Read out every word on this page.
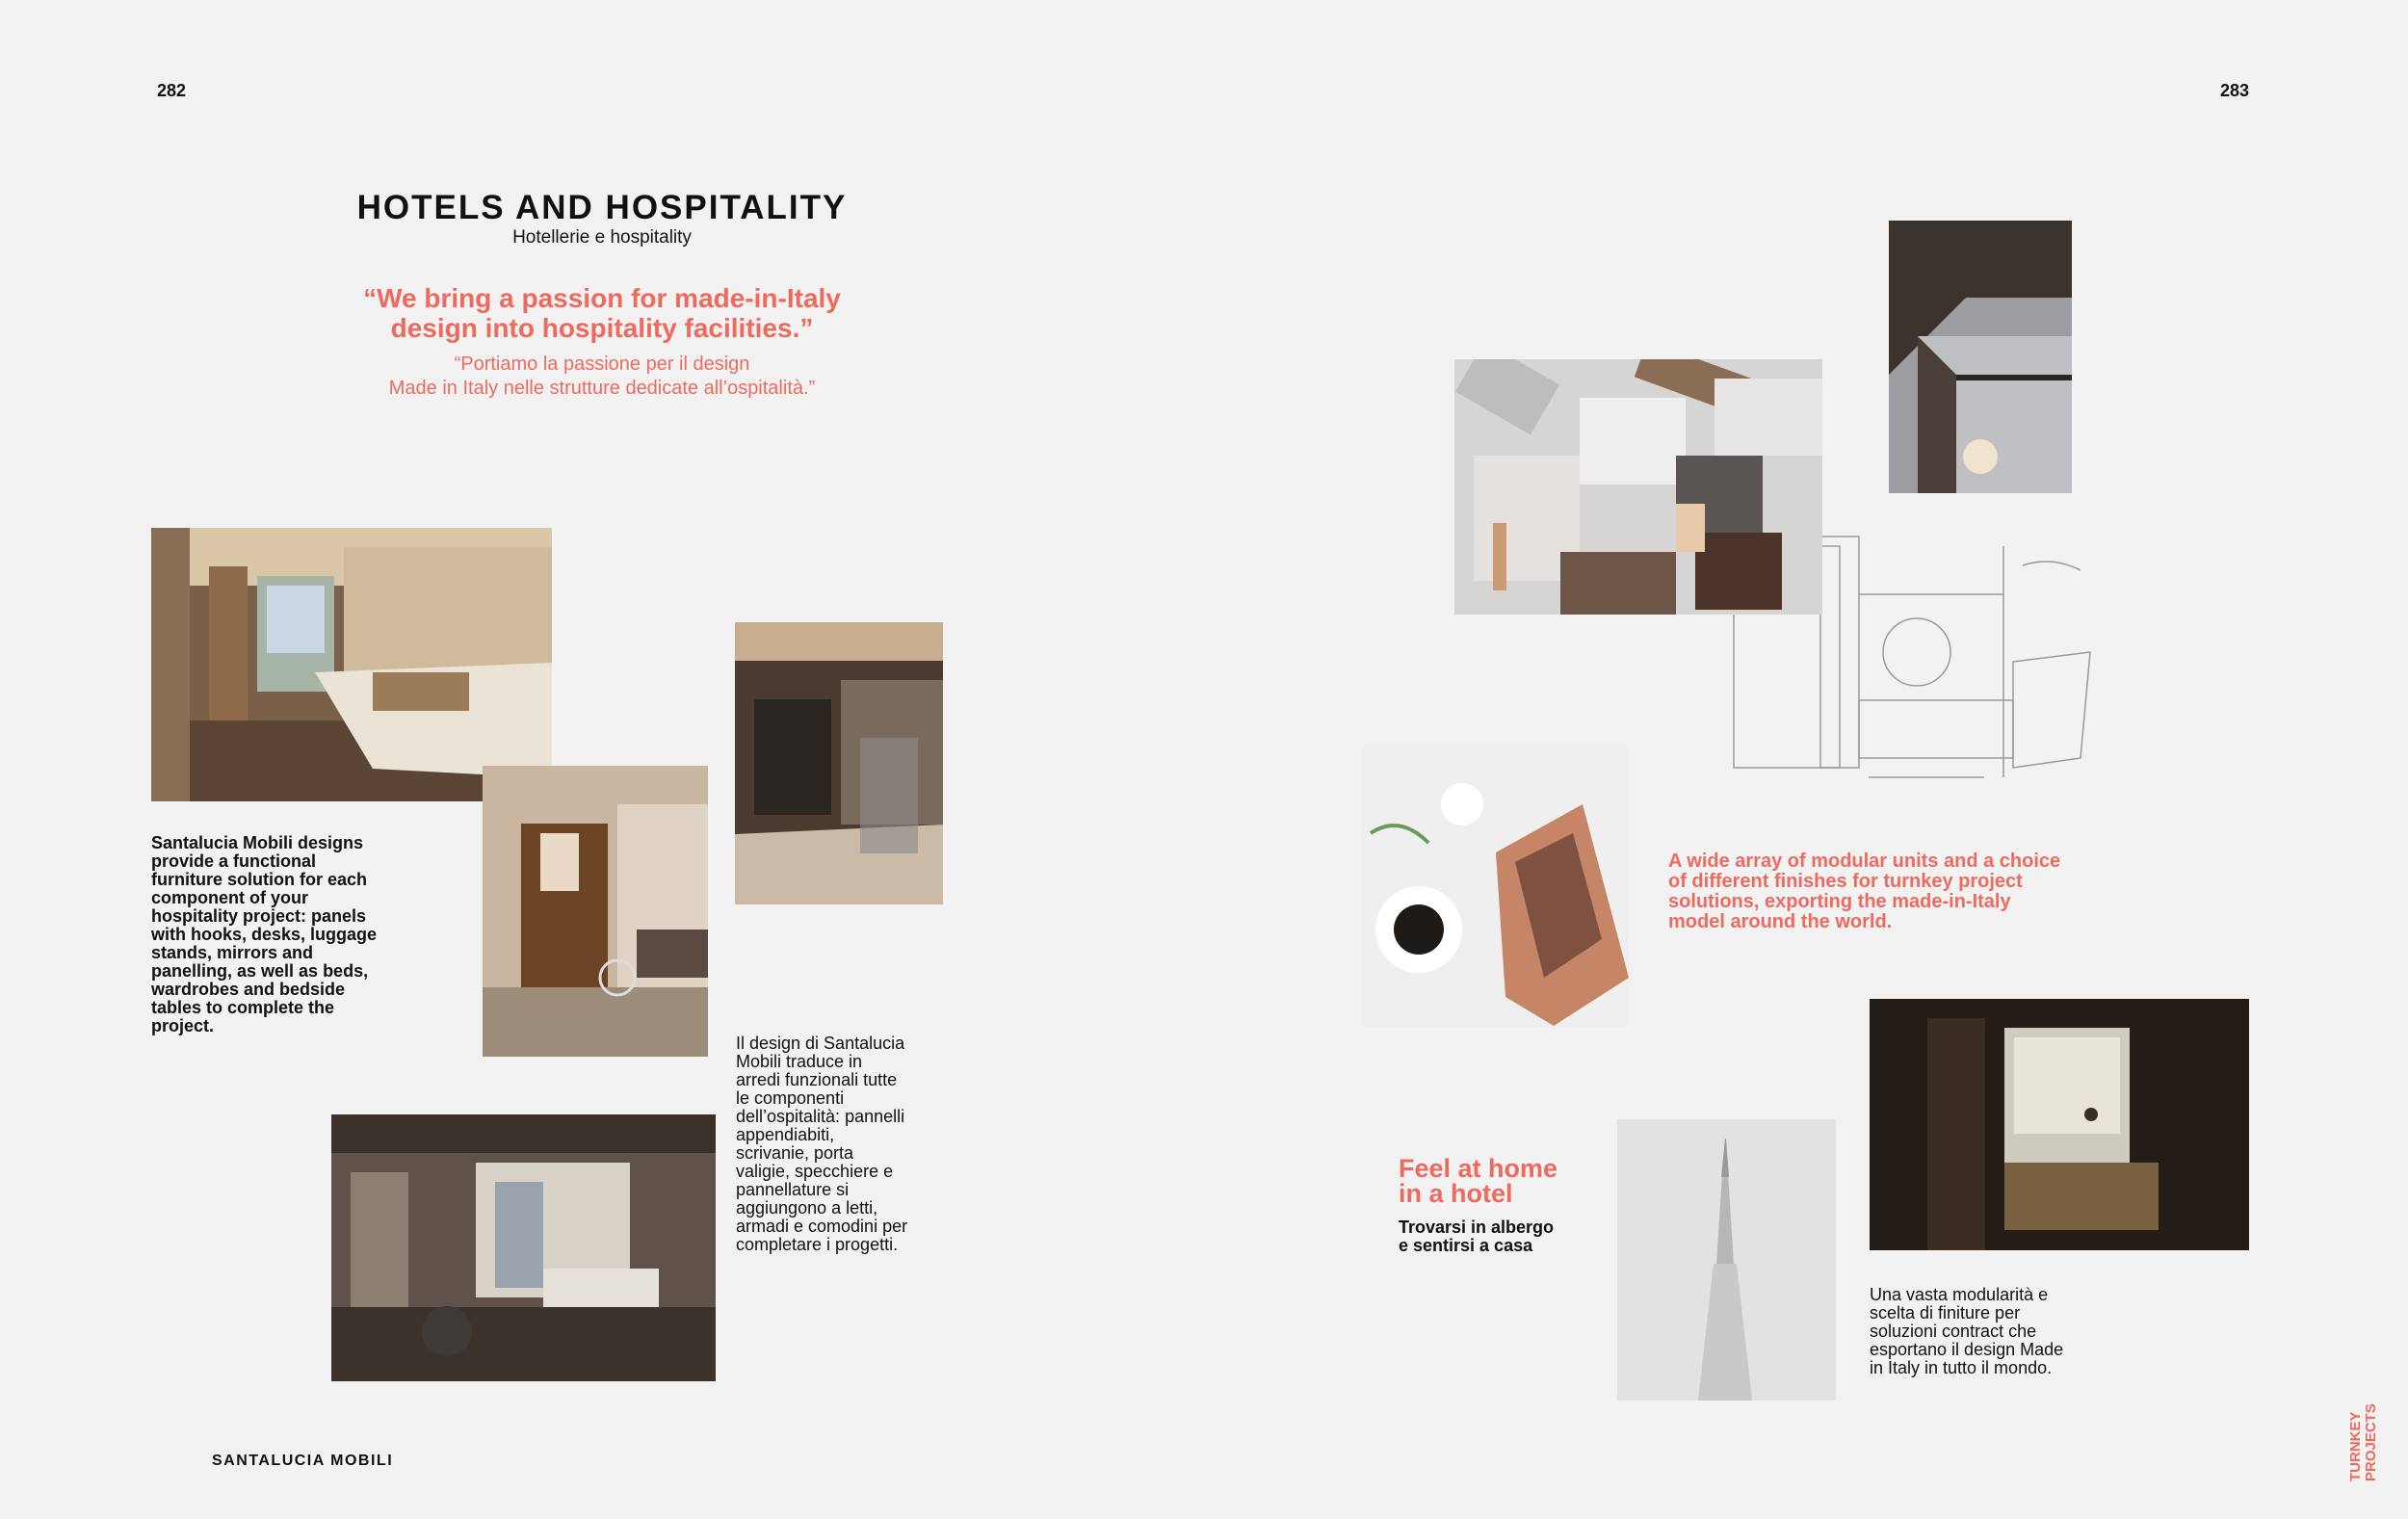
282	283
HOTELS AND HOSPITALITY
Hotellerie e hospitality
“We bring a passion for made-in-Italy
design into hospitality facilities.”
“Portiamo la passione per il design
Made in Italy nelle strutture dedicate all’ospitalità.”
Santalucia Mobili designs provide a functional furniture solution for each component of your hospitality project: panels with hooks, desks, luggage stands, mirrors and panelling, as well as beds, wardrobes and bedside tables to complete the project.
Il design di Santalucia Mobili traduce in arredi funzionali tutte le componenti dell’ospitalità: pannelli appendiabiti, scrivanie, porta valigie, specchiere e pannellature si aggiungono a letti, armadi e comodini per completare i progetti.
A wide array of modular units and a choice of different finishes for turnkey project solutions, exporting the made-in-Italy model around the world.
Feel at home
in a hotel
Trovarsi in albergo
e sentirsi a casa
Una vasta modularità e scelta di finiture per soluzioni contract che esportano il design Made in Italy in tutto il mondo.
SANTALUCIA MOBILI	TURNKEY PROJECTS
